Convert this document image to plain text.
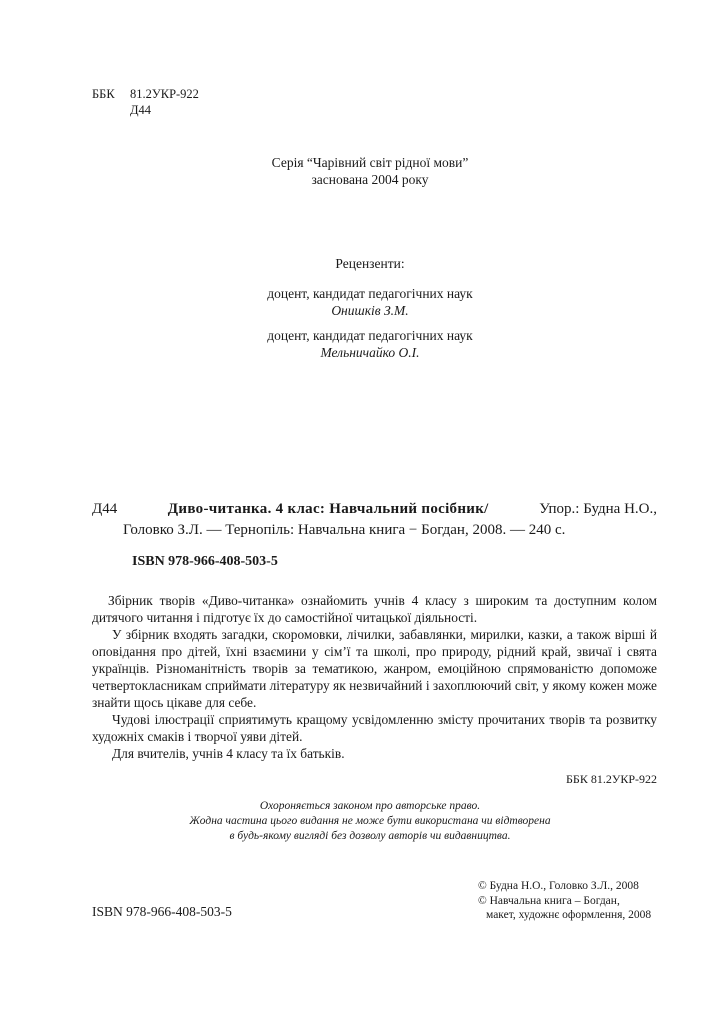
ББК	81.2УКР-922
Д44
Серія “Чарівний світ рідної мови”
заснована 2004 року
Рецензенти:
доцент, кандидат педагогічних наук
Онишків З.М.
доцент, кандидат педагогічних наук
Мельничайко О.І.
Д44	Диво-читанка. 4 клас: Навчальний посібник/	Упор.: Будна Н.О.,
Головко З.Л. — Тернопіль: Навчальна книга − Богдан, 2008. — 240 с.
ISBN 978-966-408-503-5

Збірник творів «Диво-читанка» ознайомить учнів 4 класу з широким та доступним колом дитячого читання і підготує їх до самостійної читацької діяльності.

У збірник входять загадки, скоромовки, лічилки, забавлянки, мирилки, казки, а також вірші й оповідання про дітей, їхні взаємини у сім’ї та школі, про природу, рідний край, звичаї і свята українців. Різноманітність творів за тематикою, жанром, емоційною спрямованістю допоможе четвертокласникам сприймати літературу як незвичайний і захоплюючий світ, у якому кожен може знайти щось цікаве для себе.

Чудові ілюстрації сприятимуть кращому усвідомленню змісту прочитаних творів та розвитку художніх смаків і творчої уяви дітей.

Для вчителів, учнів 4 класу та їх батьків.

ББК 81.2УКР-922
Охороняється законом про авторське право.
Жодна частина цього видання не може бути використана чи відтворена
в будь-якому вигляді без дозволу авторів чи видавництва.
ISBN 978-966-408-503-5
© Будна Н.О., Головко З.Л., 2008
© Навчальна книга – Богдан,
макет, художнє оформлення, 2008
